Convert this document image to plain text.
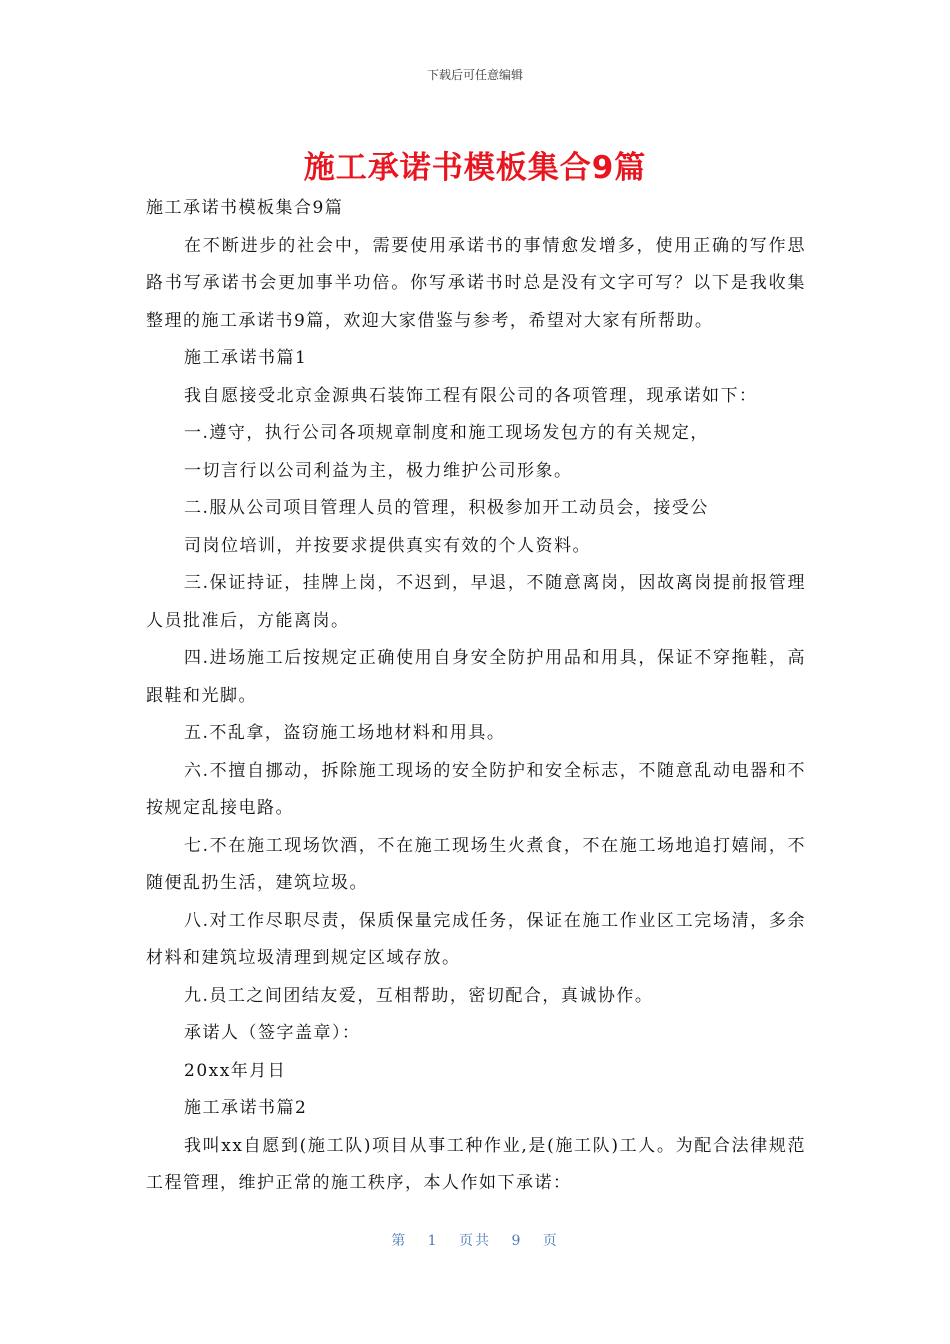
下载后可任意编辑
施工承诺书模板集合9篇

施工承诺书模板集合9篇

在不断进步的社会中，需要使用承诺书的事情愈发增多，使用正确的写作思路书写承诺书会更加事半功倍。你写承诺书时总是没有文字可写？以下是我收集整理的施工承诺书9篇，欢迎大家借鉴与参考，希望对大家有所帮助。

施工承诺书篇1

我自愿接受北京金源典石装饰工程有限公司的各项管理，现承诺如下：

一.遵守，执行公司各项规章制度和施工现场发包方的有关规定，

一切言行以公司利益为主，极力维护公司形象。

二.服从公司项目管理人员的管理，积极参加开工动员会，接受公

司岗位培训，并按要求提供真实有效的个人资料。

三.保证持证，挂牌上岗，不迟到，早退，不随意离岗，因故离岗提前报管理人员批准后，方能离岗。

四.进场施工后按规定正确使用自身安全防护用品和用具，保证不穿拖鞋，高跟鞋和光脚。

五.不乱拿，盗窃施工场地材料和用具。

六.不擅自挪动，拆除施工现场的安全防护和安全标志，不随意乱动电器和不按规定乱接电路。

七.不在施工现场饮酒，不在施工现场生火煮食，不在施工场地追打嬉闹，不随便乱扔生活，建筑垃圾。

八.对工作尽职尽责，保质保量完成任务，保证在施工作业区工完场清，多余材料和建筑垃圾清理到规定区域存放。

九.员工之间团结友爱，互相帮助，密切配合，真诚协作。

承诺人（签字盖章）：

20xx年月日

施工承诺书篇2

我叫xx自愿到(施工队)项目从事工种作业,是(施工队)工人。为配合法律规范工程管理，维护正常的施工秩序，本人作如下承诺：

第 1 页共 9 页
